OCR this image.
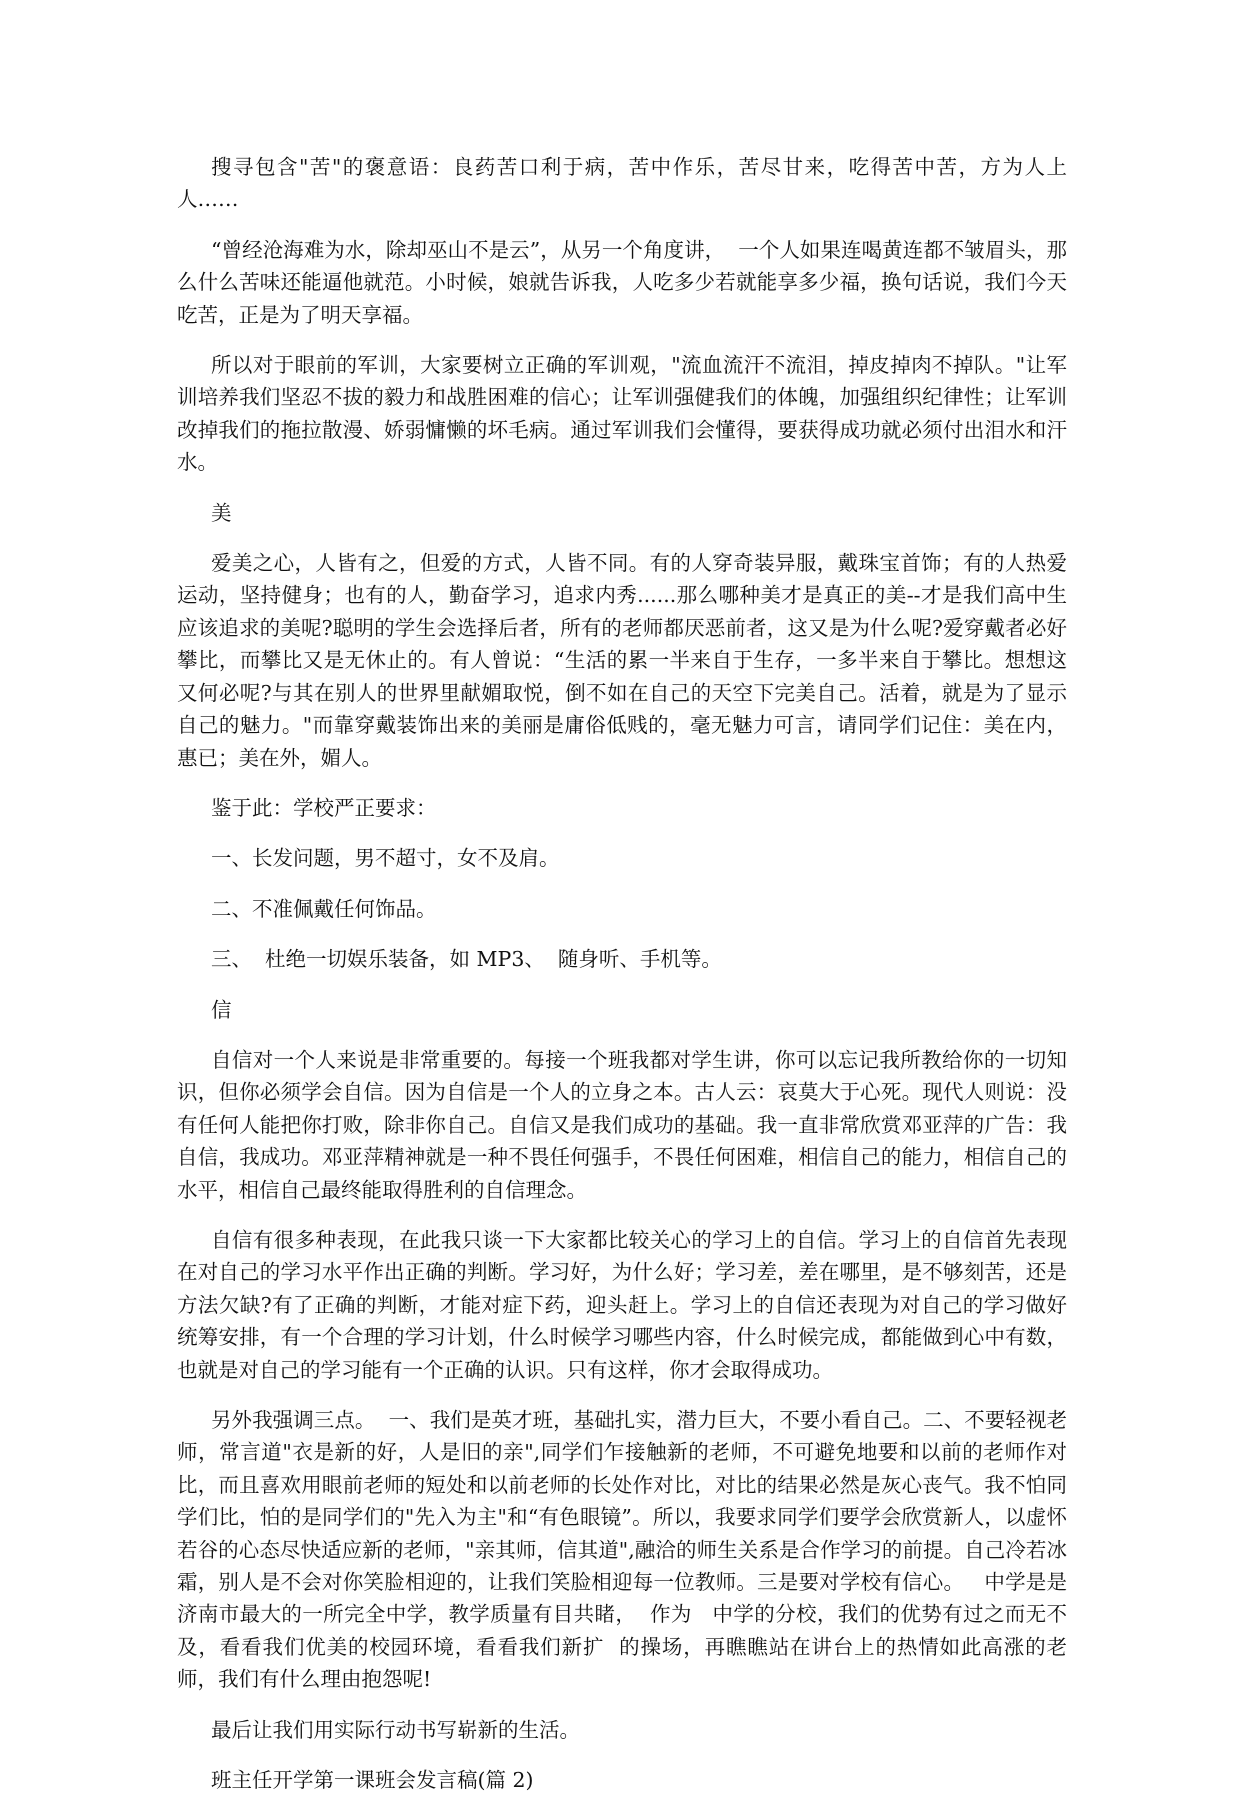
搜寻包含"苦"的褒意语：良药苦口利于病，苦中作乐，苦尽甘来，吃得苦中苦，方为人上人……

“曾经沧海难为水，除却巫山不是云”，从另一个角度讲，  一个人如果连喝黄连都不皱眉头，那么什么苦味还能逼他就范。小时候，娘就告诉我，人吃多少若就能享多少福，换句话说，我们今天吃苦，正是为了明天享福。

所以对于眼前的军训，大家要树立正确的军训观，"流血流汗不流泪，掉皮掉肉不掉队。"让军训培养我们坚忍不拔的毅力和战胜困难的信心；让军训强健我们的体魄，加强组织纪律性；让军训改掉我们的拖拉散漫、娇弱慵懒的坏毛病。通过军训我们会懂得，要获得成功就必须付出泪水和汗水。

美

爱美之心，人皆有之，但爱的方式，人皆不同。有的人穿奇装异服，戴珠宝首饰；有的人热爱运动，坚持健身；也有的人，勤奋学习，追求内秀......那么哪种美才是真正的美--才是我们高中生应该追求的美呢?聪明的学生会选择后者，所有的老师都厌恶前者，这又是为什么呢?爱穿戴者必好攀比，而攀比又是无休止的。有人曾说：“生活的累一半来自于生存，一多半来自于攀比。想想这又何必呢?与其在别人的世界里献媚取悦，倒不如在自己的天空下完美自己。活着，就是为了显示自己的魅力。"而靠穿戴装饰出来的美丽是庸俗低贱的，毫无魅力可言，请同学们记住：美在内，惠已；美在外，媚人。

鉴于此：学校严正要求：

一、长发问题，男不超寸，女不及肩。

二、不准佩戴任何饰品。

三、  杜绝一切娱乐装备，如 MP3、  随身听、手机等。

信

自信对一个人来说是非常重要的。每接一个班我都对学生讲，你可以忘记我所教给你的一切知识，但你必须学会自信。因为自信是一个人的立身之本。古人云：哀莫大于心死。现代人则说：没有任何人能把你打败，除非你自己。自信又是我们成功的基础。我一直非常欣赏邓亚萍的广告：我自信，我成功。邓亚萍精神就是一种不畏任何强手，不畏任何困难，相信自己的能力，相信自己的水平，相信自己最终能取得胜利的自信理念。

自信有很多种表现，在此我只谈一下大家都比较关心的学习上的自信。学习上的自信首先表现在对自己的学习水平作出正确的判断。学习好，为什么好；学习差，差在哪里，是不够刻苦，还是方法欠缺?有了正确的判断，才能对症下药，迎头赶上。学习上的自信还表现为对自己的学习做好统筹安排，有一个合理的学习计划，什么时候学习哪些内容，什么时候完成，都能做到心中有数，也就是对自己的学习能有一个正确的认识。只有这样，你才会取得成功。

另外我强调三点。  一、我们是英才班，基础扎实，潜力巨大，不要小看自己。二、不要轻视老师，常言道"衣是新的好，人是旧的亲",同学们乍接触新的老师，不可避免地要和以前的老师作对比，而且喜欢用眼前老师的短处和以前老师的长处作对比，对比的结果必然是灰心丧气。我不怕同学们比，怕的是同学们的"先入为主"和“有色眼镜”。所以，我要求同学们要学会欣赏新人，以虚怀若谷的心态尽快适应新的老师，"亲其师，信其道",融洽的师生关系是合作学习的前提。自己冷若冰霜，别人是不会对你笑脸相迎的，让我们笑脸相迎每一位教师。三是要对学校有信心。   中学是是济南市最大的一所完全中学，教学质量有目共睹，  作为   中学的分校，我们的优势有过之而无不及，看看我们优美的校园环境，看看我们新扩  的操场，再瞧瞧站在讲台上的热情如此高涨的老师，我们有什么理由抱怨呢!

最后让我们用实际行动书写崭新的生活。

班主任开学第一课班会发言稿(篇 2)
